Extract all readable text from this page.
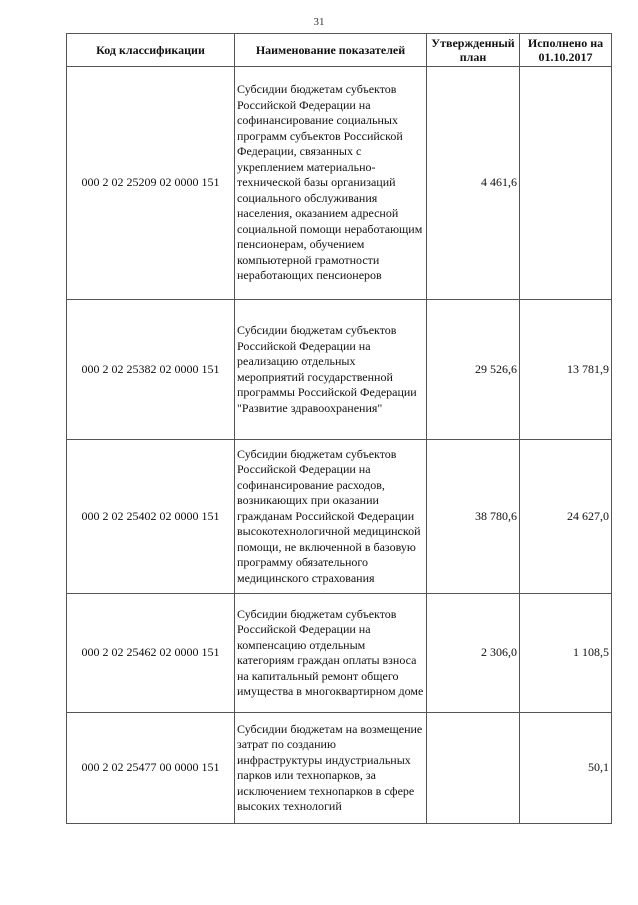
31
Код классификации	Наименование показателей	Утвержденный план	Исполнено на 01.10.2017
000 2 02 25209 02 0000 151	Субсидии бюджетам субъектов Российской Федерации на софинансирование социальных программ субъектов Российской Федерации, связанных с укреплением материально-технической базы организаций социального обслуживания населения, оказанием адресной социальной помощи неработающим пенсионерам, обучением компьютерной грамотности неработающих пенсионеров	4 461,6	
000 2 02 25382 02 0000 151	Субсидии бюджетам субъектов Российской Федерации на реализацию отдельных мероприятий государственной программы Российской Федерации "Развитие здравоохранения"	29 526,6	13 781,9
000 2 02 25402 02 0000 151	Субсидии бюджетам субъектов Российской Федерации на софинансирование расходов, возникающих при оказании гражданам Российской Федерации высокотехнологичной медицинской помощи, не включенной в базовую программу обязательного медицинского страхования	38 780,6	24 627,0
000 2 02 25462 02 0000 151	Субсидии бюджетам субъектов Российской Федерации на компенсацию отдельным категориям граждан оплаты взноса на капитальный ремонт общего имущества в многоквартирном доме	2 306,0	1 108,5
000 2 02 25477 00 0000 151	Субсидии бюджетам на возмещение затрат по созданию инфраструктуры индустриальных парков или технопарков, за исключением технопарков в сфере высоких технологий		50,1
